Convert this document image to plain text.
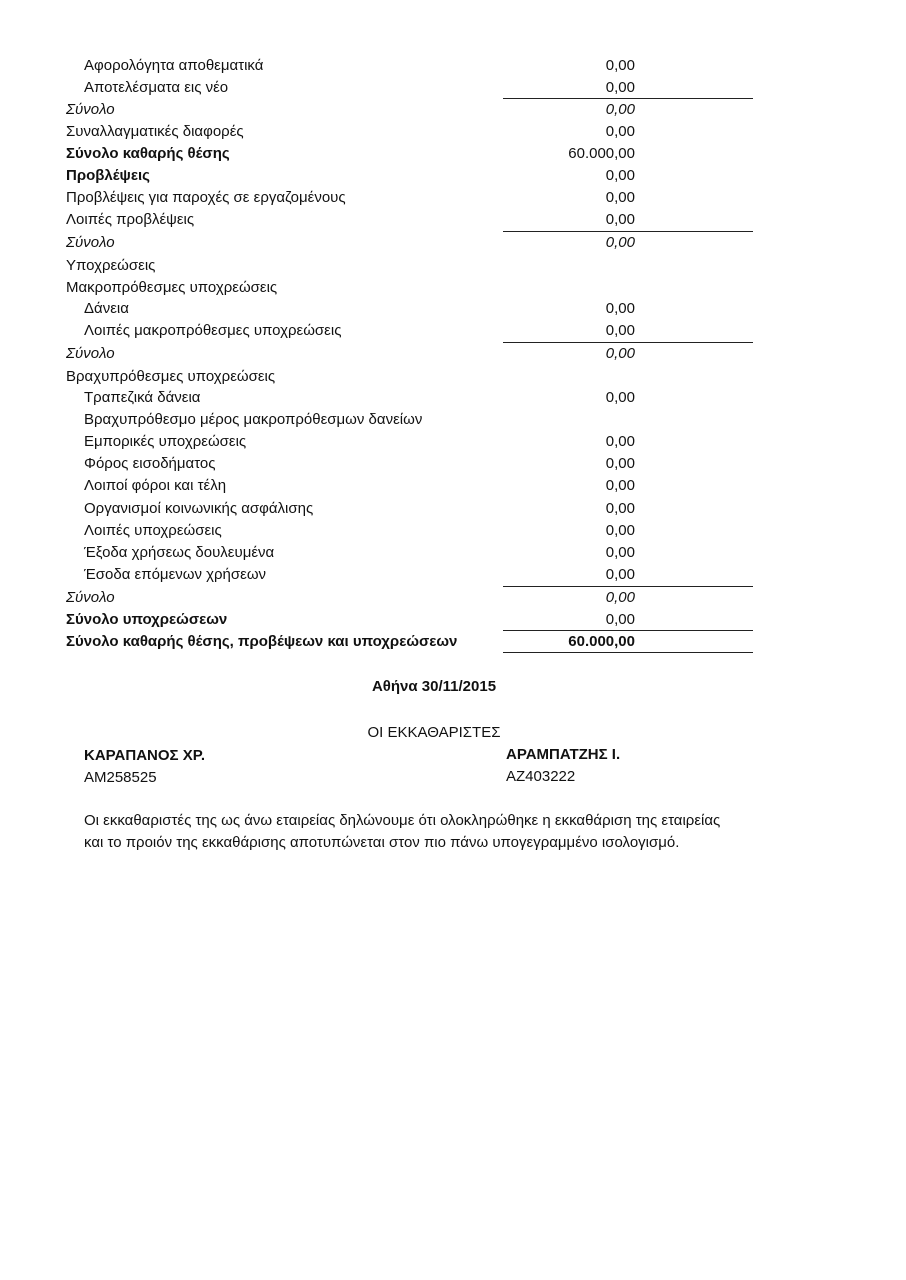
Αφορολόγητα αποθεματικά	0,00
Αποτελέσματα εις νέο	0,00
Σύνολο	0,00
Συναλλαγματικές διαφορές	0,00
Σύνολο καθαρής θέσης	60.000,00
Προβλέψεις	0,00
Προβλέψεις για παροχές σε εργαζομένους	0,00
Λοιπές προβλέψεις	0,00
Σύνολο	0,00
Υποχρεώσεις
Μακροπρόθεσμες υποχρεώσεις
Δάνεια	0,00
Λοιπές μακροπρόθεσμες υποχρεώσεις	0,00
Σύνολο	0,00
Βραχυπρόθεσμες υποχρεώσεις
Τραπεζικά δάνεια	0,00
Βραχυπρόθεσμο μέρος μακροπρόθεσμων δανείων
Εμπορικές υποχρεώσεις	0,00
Φόρος εισοδήματος	0,00
Λοιποί φόροι και τέλη	0,00
Οργανισμοί κοινωνικής ασφάλισης	0,00
Λοιπές υποχρεώσεις	0,00
Έξοδα χρήσεως δουλευμένα	0,00
Έσοδα επόμενων χρήσεων	0,00
Σύνολο	0,00
Σύνολο υποχρεώσεων	0,00
Σύνολο καθαρής θέσης, προβέψεων και υποχρεώσεων	60.000,00
Αθήνα 30/11/2015
ΟΙ ΕΚΚΑΘΑΡΙΣΤΕΣ
ΚΑΡΑΠΑΝΟΣ ΧΡ.
ΑΜ258525
ΑΡΑΜΠΑΤΖΗΣ Ι.
ΑΖ403222
Οι εκκαθαριστές της ως άνω εταιρείας δηλώνουμε ότι ολοκληρώθηκε η εκκαθάριση της εταιρείας
και το προιόν της εκκαθάρισης αποτυπώνεται στον πιο πάνω υπογεγραμμένο ισολογισμό.
